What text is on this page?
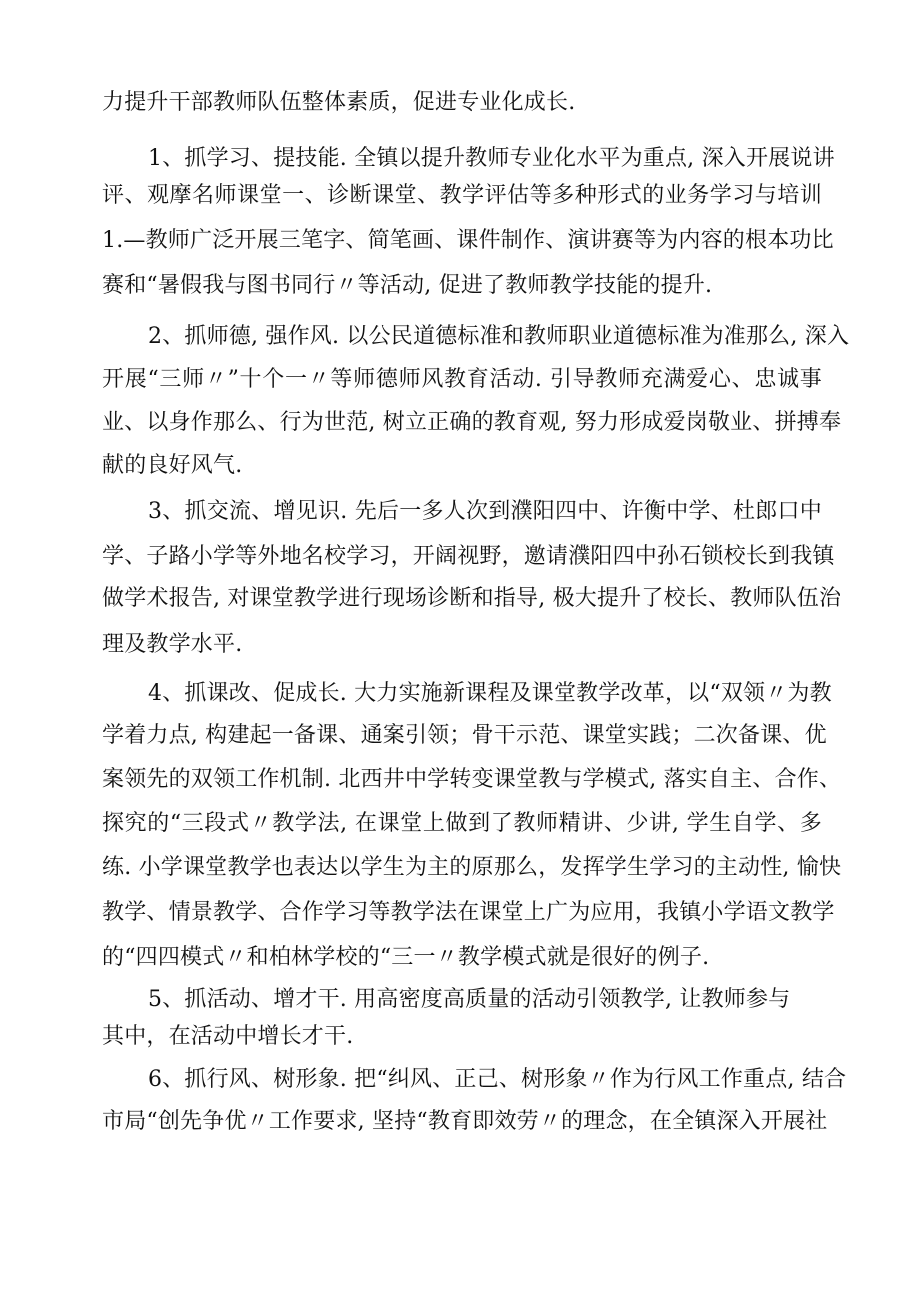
力提升干部教师队伍整体素质，促进专业化成长.
1、抓学习、提技能. 全镇以提升教师专业化水平为重点, 深入开展说讲
评、观摩名师课堂一、诊断课堂、教学评估等多种形式的业务学习与培训
1.—教师广泛开展三笔字、简笔画、课件制作、演讲赛等为内容的根本功比
赛和“暑假我与图书同行〃等活动, 促进了教师教学技能的提升.
2、抓师德, 强作风. 以公民道德标准和教师职业道德标准为准那么, 深入
开展“三师〃”十个一〃等师德师风教育活动. 引导教师充满爱心、忠诚事
业、以身作那么、行为世范, 树立正确的教育观, 努力形成爱岗敬业、拼搏奉
献的良好风气.
3、抓交流、增见识. 先后一多人次到濮阳四中、许衡中学、杜郎口中
学、子路小学等外地名校学习，开阔视野，邀请濮阳四中孙石锁校长到我镇
做学术报告, 对课堂教学进行现场诊断和指导, 极大提升了校长、教师队伍治
理及教学水平.
4、抓课改、促成长. 大力实施新课程及课堂教学改革，以“双领〃为教
学着力点, 构建起一备课、通案引领；骨干示范、课堂实践；二次备课、优
案领先的双领工作机制. 北西井中学转变课堂教与学模式, 落实自主、合作、
探究的“三段式〃教学法, 在课堂上做到了教师精讲、少讲, 学生自学、多
练. 小学课堂教学也表达以学生为主的原那么，发挥学生学习的主动性, 愉快
教学、情景教学、合作学习等教学法在课堂上广为应用，我镇小学语文教学
的“四四模式〃和柏林学校的“三一〃教学模式就是很好的例子.
5、抓活动、增才干. 用高密度高质量的活动引领教学, 让教师参与
其中，在活动中增长才干.
6、抓行风、树形象. 把“纠风、正己、树形象〃作为行风工作重点, 结合
市局“创先争优〃工作要求, 坚持“教育即效劳〃的理念，在全镇深入开展社
